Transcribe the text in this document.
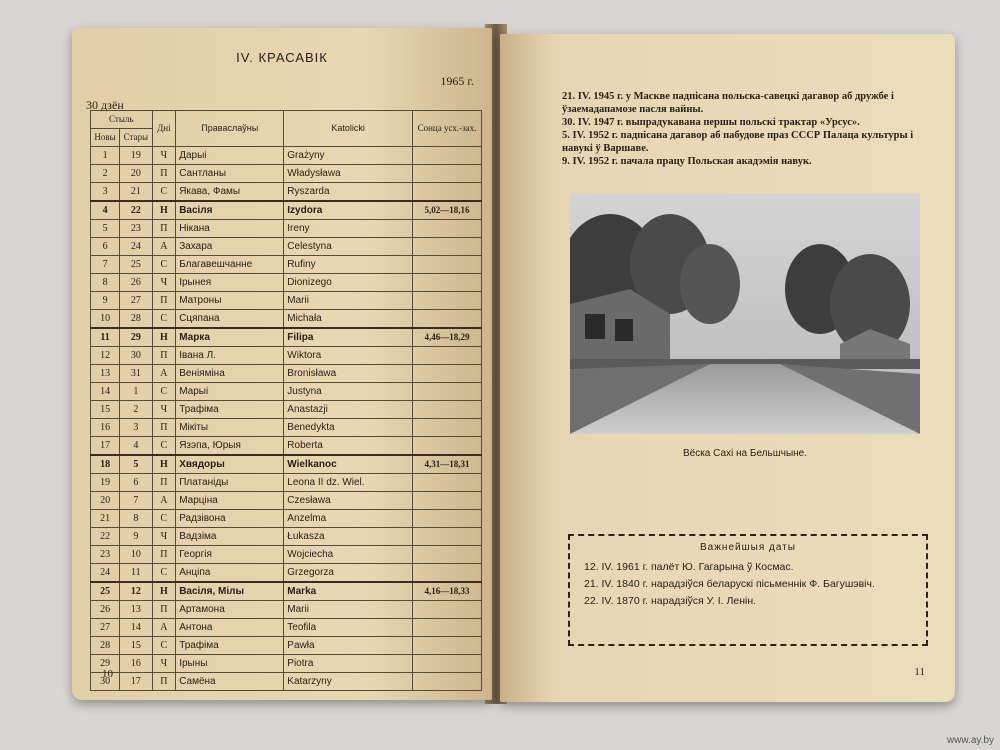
IV. КРАСАВІК
1965 г.
30 дзён
Стыль		Дні	Праваслаўны	Katolicki	Сонца усх.-зах.
Новы	Стары				
1	19	Ч	Дарыі	Grażyny	
2	20	П	Сантланы	Władysława	
3	21	С	Якава, Фамы	Ryszarda	
4	22	Н	Васіля	Izydora	5,02—18,16
5	23	П	Ніканa	Ireny	
6	24	А	Захара	Celestyna	
7	25	С	Благавешчанне	Rufiny	
8	26	Ч	Ірынея	Dionizego	
9	27	П	Матроны	Marii	
10	28	С	Сцяпана	Michała	
11	29	Н	Марка	Filipa	4,46—18,29
12	30	П	Івана Л.	Wiktora	
13	31	А	Веніяміна	Bronisława	
14	1	С	Марыі	Justyna	
15	2	Ч	Трафіма	Anastazji	
16	3	П	Мікіты	Benedykta	
17	4	С	Язэпа, Юрыя	Roberta	
18	5	Н	Хвядоры	Wielkanoc	4,31—18,31
19	6	П	Платаніды	Leona II dz. Wiel.	
20	7	А	Марціна	Czesława	
21	8	С	Радзівона	Anzelma	
22	9	Ч	Вадзіма	Łukasza	
23	10	П	Георгія	Wojciecha	
24	11	С	Анціпа	Grzegorza	
25	12	Н	Васіля, Мілы	Marka	4,16—18,33
26	13	П	Артамона	Marii	
27	14	А	Антона	Teofila	
28	15	С	Трафіма	Pawła	
29	16	Ч	Ірыны	Piotra	
30	17	П	Самёна	Katarzyny	
10

21. IV. 1945 г. у Маскве падпісана польска-савецкі дагавор аб дружбе і ўзаемадапамозе пасля вайны.

30. IV. 1947 г. выпрадукавана першы польскі трактар «Урсус».

5. IV. 1952 г. падпісана дагавор аб пабудове праз СССР Палаца культуры і навукі ў Варшаве.

9. IV. 1952 г. пачала працу Польская акадэмія навук.

Вёска Сахі на Бельшчыне.
Важнейшыя даты

12. IV. 1961 г. палёт Ю. Гагарына ў Космас.

21. IV. 1840 г. нарадзіўся беларускі пісьменнік Ф. Багушэвіч.

22. IV. 1870 г. нарадзіўся У. І. Ленін.

11
www.ay.by
